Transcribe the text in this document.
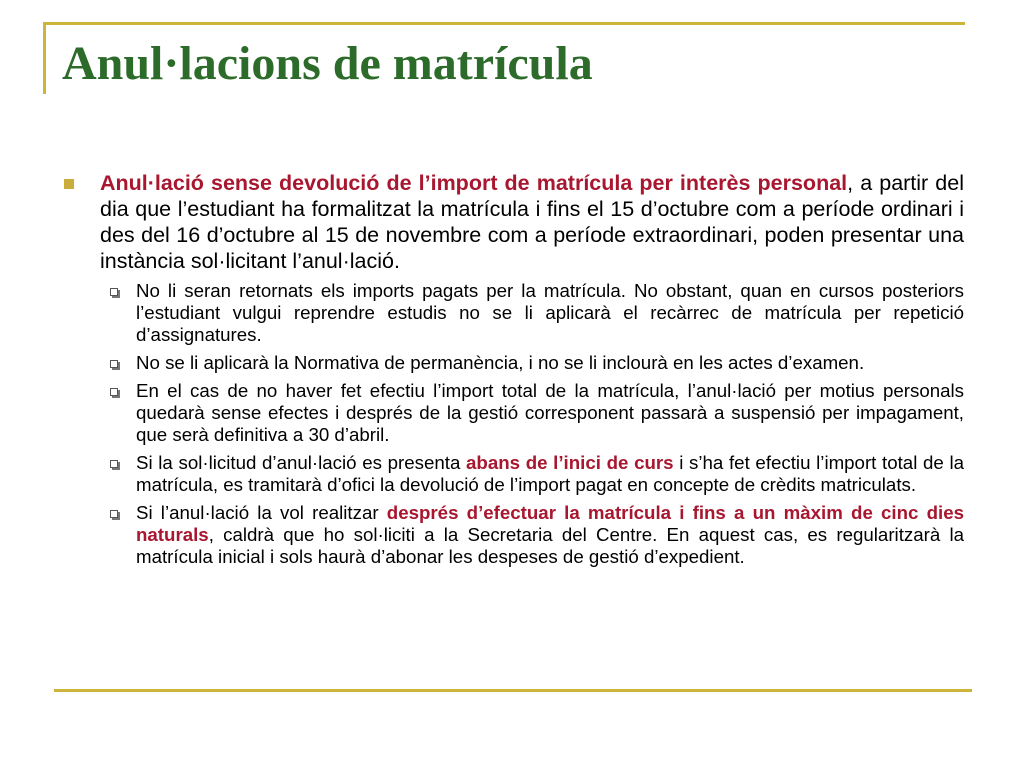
Anul·lacions de matrícula
Anul·lació sense devolució de l’import de matrícula per interès personal, a partir del dia que l’estudiant ha formalitzat la matrícula i fins el 15 d’octubre com a període ordinari i des del 16 d’octubre al 15 de novembre com a període extraordinari, poden presentar una instància sol·licitant l’anul·lació.
No li seran retornats els imports pagats per la matrícula. No obstant, quan en cursos posteriors l’estudiant vulgui reprendre estudis no se li aplicarà el recàrrec de matrícula per repetició d’assignatures.
No se li aplicarà la Normativa de permanència, i no se li inclourà en les actes d’examen.
En el cas de no haver fet efectiu l’import total de la matrícula, l’anul·lació per motius personals quedarà sense efectes i després de la gestió corresponent passarà a suspensió per impagament, que serà definitiva a 30 d’abril.
Si la sol·licitud d’anul·lació es presenta abans de l’inici de curs i s’ha fet efectiu l’import total de la matrícula, es tramitarà d’ofici la devolució de l’import pagat en concepte de crèdits matriculats.
Si l’anul·lació la vol realitzar després d’efectuar la matrícula i fins a un màxim de cinc dies naturals, caldrà que ho sol·liciti a la Secretaria del Centre. En aquest cas, es regularitzarà la matrícula inicial i sols haurà d’abonar les despeses de gestió d’expedient.
